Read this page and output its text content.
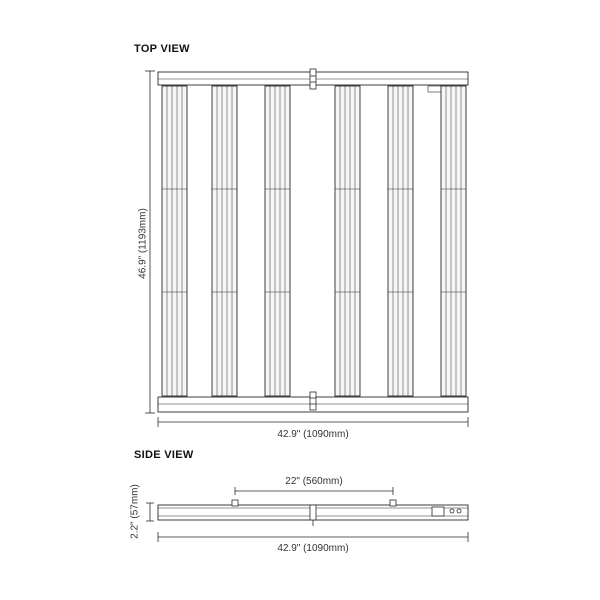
TOP VIEW
46.9" (1193mm)
42.9" (1090mm)
SIDE VIEW
22" (560mm)
2.2" (57mm)
42.9" (1090mm)
